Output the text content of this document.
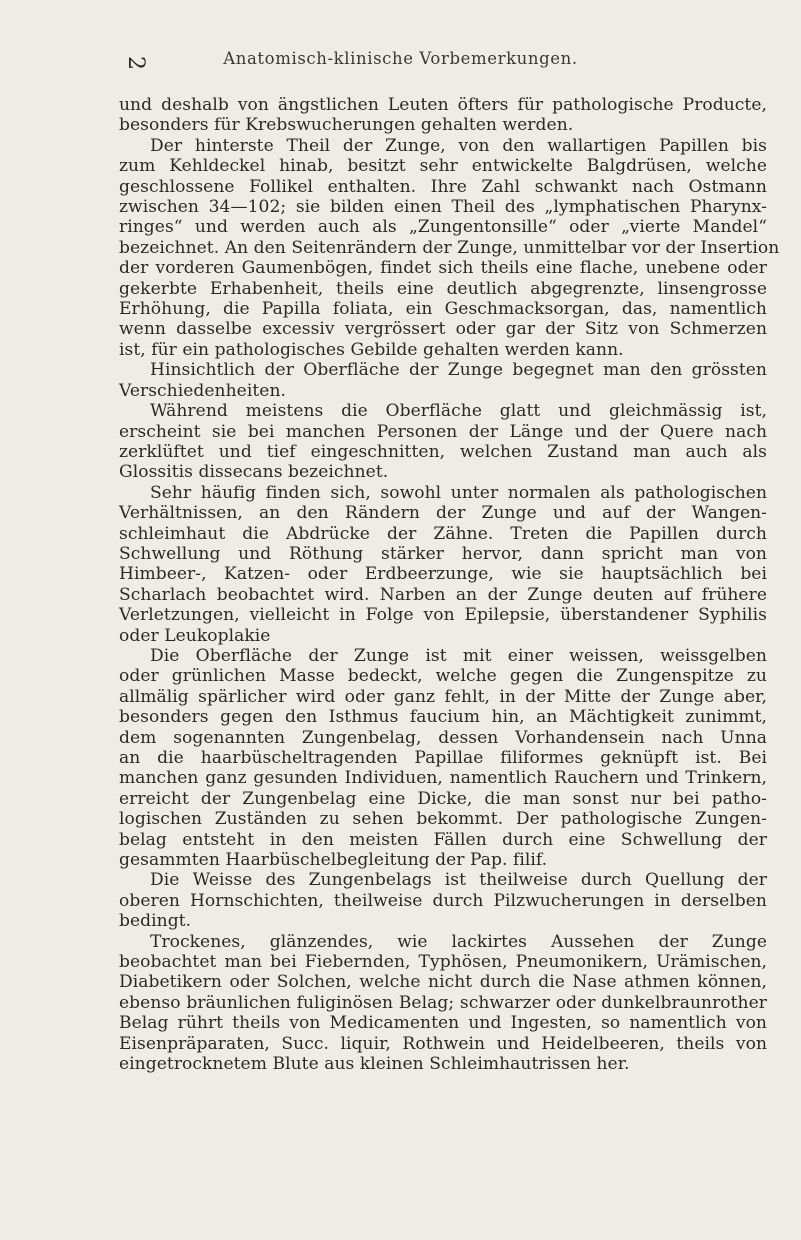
2	Anatomisch-klinische Vorbemerkungen.
und deshalb von ängstlichen Leuten öfters für pathologische Producte,
besonders für Krebswucherungen gehalten werden.
Der hinterste Theil der Zunge, von den wallartigen Papillen bis
zum Kehldeckel hinab, besitzt sehr entwickelte Balgdrüsen, welche
geschlossene Follikel enthalten. Ihre Zahl schwankt nach Ostmann
zwischen 34—102; sie bilden einen Theil des „lymphatischen Pharynx-
ringes“ und werden auch als „Zungentonsille“ oder „vierte Mandel“
bezeichnet. An den Seitenrändern der Zunge, unmittelbar vor der Insertion
der vorderen Gaumenbögen, findet sich theils eine flache, unebene oder
gekerbte Erhabenheit, theils eine deutlich abgegrenzte, linsengrosse
Erhöhung, die Papilla foliata, ein Geschmacksorgan, das, namentlich
wenn dasselbe excessiv vergrössert oder gar der Sitz von Schmerzen
ist, für ein pathologisches Gebilde gehalten werden kann.
Hinsichtlich der Oberfläche der Zunge begegnet man den grössten
Verschiedenheiten.
Während meistens die Oberfläche glatt und gleichmässig ist,
erscheint sie bei manchen Personen der Länge und der Quere nach
zerklüftet und tief eingeschnitten, welchen Zustand man auch als
Glossitis dissecans bezeichnet.
Sehr häufig finden sich, sowohl unter normalen als pathologischen
Verhältnissen, an den Rändern der Zunge und auf der Wangen-
schleimhaut die Abdrücke der Zähne. Treten die Papillen durch
Schwellung und Röthung stärker hervor, dann spricht man von
Himbeer-, Katzen- oder Erdbeerzunge, wie sie hauptsächlich bei
Scharlach beobachtet wird. Narben an der Zunge deuten auf frühere
Verletzungen, vielleicht in Folge von Epilepsie, überstandener Syphilis
oder Leukoplakie
Die Oberfläche der Zunge ist mit einer weissen, weissgelben
oder grünlichen Masse bedeckt, welche gegen die Zungenspitze zu
allmälig spärlicher wird oder ganz fehlt, in der Mitte der Zunge aber,
besonders gegen den Isthmus faucium hin, an Mächtigkeit zunimmt,
dem sogenannten Zungenbelag, dessen Vorhandensein nach Unna
an die haarbüscheltragenden Papillae filiformes geknüpft ist. Bei
manchen ganz gesunden Individuen, namentlich Rauchern und Trinkern,
erreicht der Zungenbelag eine Dicke, die man sonst nur bei patho-
logischen Zuständen zu sehen bekommt. Der pathologische Zungen-
belag entsteht in den meisten Fällen durch eine Schwellung der
gesammten Haarbüschelbegleitung der Pap. filif.
Die Weisse des Zungenbelags ist theilweise durch Quellung der
oberen Hornschichten, theilweise durch Pilzwucherungen in derselben
bedingt.
Trockenes, glänzendes, wie lackirtes Aussehen der Zunge
beobachtet man bei Fiebernden, Typhösen, Pneumonikern, Urämischen,
Diabetikern oder Solchen, welche nicht durch die Nase athmen können,
ebenso bräunlichen fuliginösen Belag; schwarzer oder dunkelbraunrother
Belag rührt theils von Medicamenten und Ingesten, so namentlich von
Eisenpräparaten, Succ. liquir, Rothwein und Heidelbeeren, theils von
eingetrocknetem Blute aus kleinen Schleimhautrissen her.
